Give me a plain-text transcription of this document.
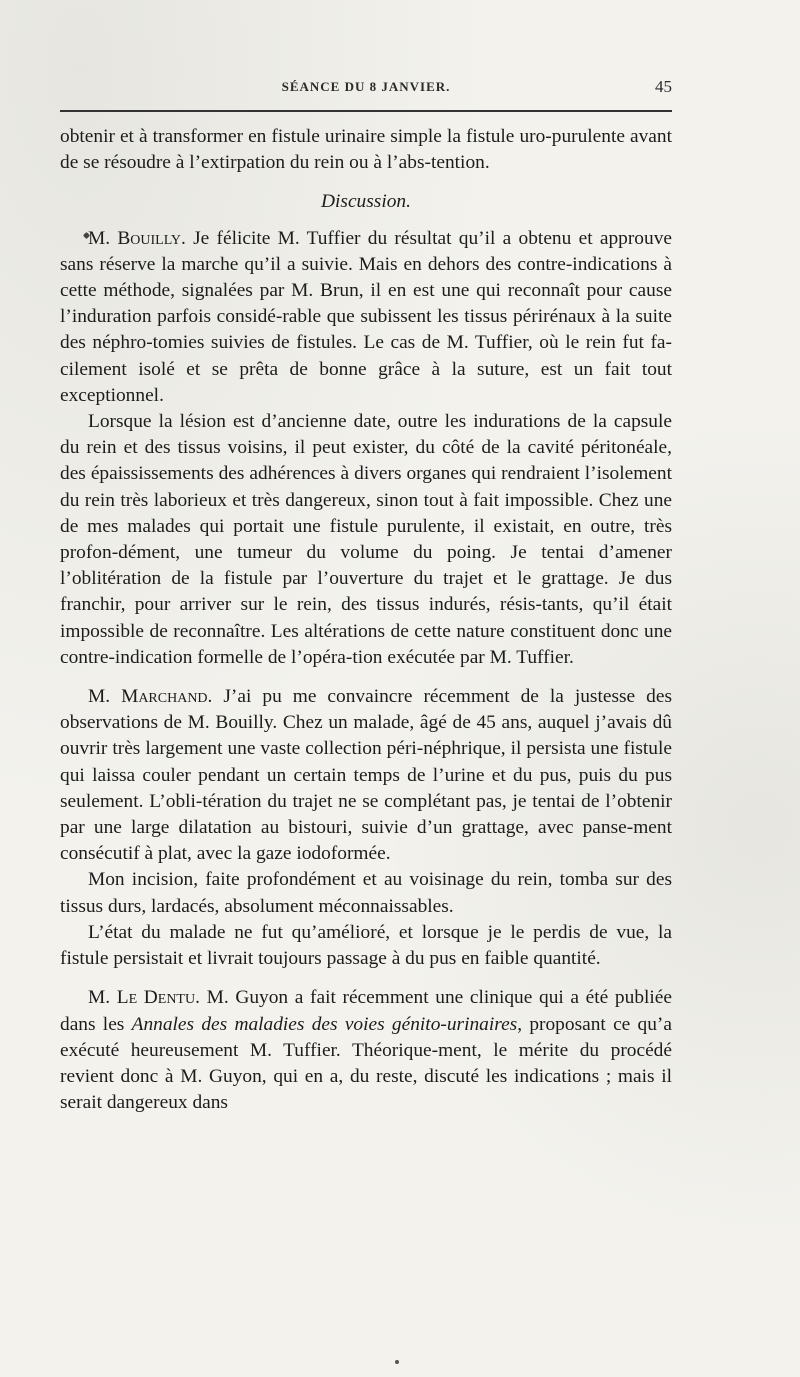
SÉANCE DU 8 JANVIER.	45

obtenir et à transformer en fistule urinaire simple la fistule uro-purulente avant de se résoudre à l’extirpation du rein ou à l’abs-tention.

Discussion.

M. Bouilly. Je félicite M. Tuffier du résultat qu’il a obtenu et approuve sans réserve la marche qu’il a suivie. Mais en dehors des contre-indications à cette méthode, signalées par M. Brun, il en est une qui reconnaît pour cause l’induration parfois considé-rable que subissent les tissus périrénaux à la suite des néphro-tomies suivies de fistules. Le cas de M. Tuffier, où le rein fut fa-cilement isolé et se prêta de bonne grâce à la suture, est un fait tout exceptionnel.

Lorsque la lésion est d’ancienne date, outre les indurations de la capsule du rein et des tissus voisins, il peut exister, du côté de la cavité péritonéale, des épaississements des adhérences à divers organes qui rendraient l’isolement du rein très laborieux et très dangereux, sinon tout à fait impossible. Chez une de mes malades qui portait une fistule purulente, il existait, en outre, très profon-dément, une tumeur du volume du poing. Je tentai d’amener l’oblitération de la fistule par l’ouverture du trajet et le grattage. Je dus franchir, pour arriver sur le rein, des tissus indurés, résis-tants, qu’il était impossible de reconnaître. Les altérations de cette nature constituent donc une contre-indication formelle de l’opéra-tion exécutée par M. Tuffier.

M. Marchand. J’ai pu me convaincre récemment de la justesse des observations de M. Bouilly. Chez un malade, âgé de 45 ans, auquel j’avais dû ouvrir très largement une vaste collection péri-néphrique, il persista une fistule qui laissa couler pendant un certain temps de l’urine et du pus, puis du pus seulement. L’obli-tération du trajet ne se complétant pas, je tentai de l’obtenir par une large dilatation au bistouri, suivie d’un grattage, avec panse-ment consécutif à plat, avec la gaze iodoformée.

Mon incision, faite profondément et au voisinage du rein, tomba sur des tissus durs, lardacés, absolument méconnaissables.

L’état du malade ne fut qu’amélioré, et lorsque je le perdis de vue, la fistule persistait et livrait toujours passage à du pus en faible quantité.

M. Le Dentu. M. Guyon a fait récemment une clinique qui a été publiée dans les Annales des maladies des voies génito-urinaires, proposant ce qu’a exécuté heureusement M. Tuffier. Théorique-ment, le mérite du procédé revient donc à M. Guyon, qui en a, du reste, discuté les indications ; mais il serait dangereux dans
